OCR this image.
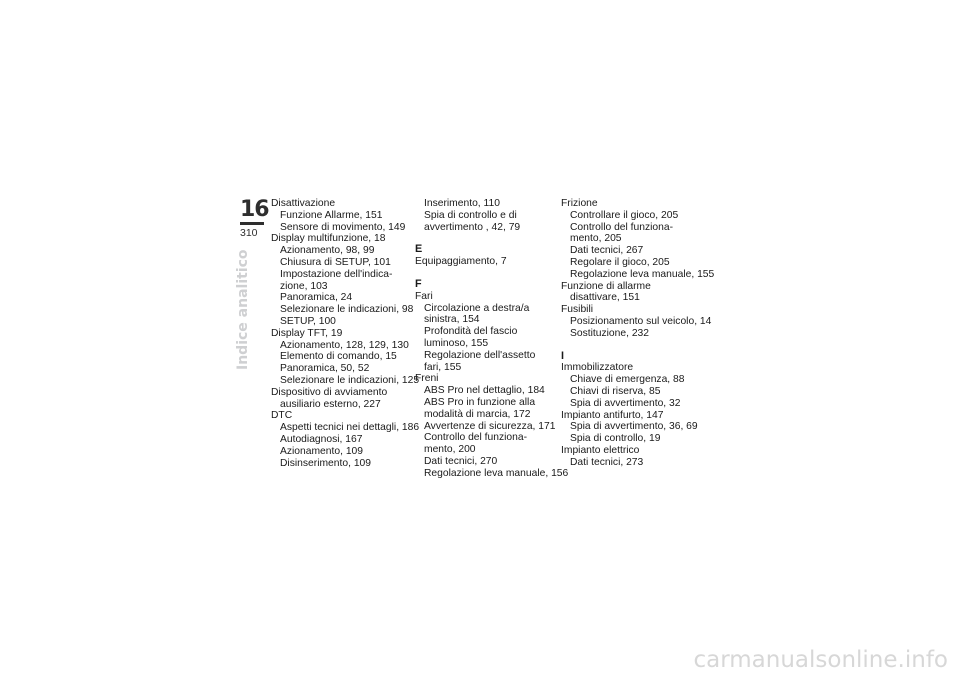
16
310
Indice analitico
Disattivazione
Funzione Allarme, 151
Sensore di movimento, 149
Display multifunzione, 18
Azionamento, 98, 99
Chiusura di SETUP, 101
Impostazione dell'indica-
zione, 103
Panoramica, 24
Selezionare le indicazioni, 98
SETUP, 100
Display TFT, 19
Azionamento, 128, 129, 130
Elemento di comando, 15
Panoramica, 50, 52
Selezionare le indicazioni, 125
Dispositivo di avviamento
ausiliario esterno, 227
DTC
Aspetti tecnici nei dettagli, 186
Autodiagnosi, 167
Azionamento, 109
Disinserimento, 109
Inserimento, 110
Spia di controllo e di
avvertimento , 42, 79
E
Equipaggiamento, 7
F
Fari
Circolazione a destra/a
sinistra, 154
Profondità del fascio
luminoso, 155
Regolazione dell'assetto
fari, 155
Freni
ABS Pro nel dettaglio, 184
ABS Pro in funzione alla
modalità di marcia, 172
Avvertenze di sicurezza, 171
Controllo del funziona-
mento, 200
Dati tecnici, 270
Regolazione leva manuale, 156
Frizione
Controllare il gioco, 205
Controllo del funziona-
mento, 205
Dati tecnici, 267
Regolare il gioco, 205
Regolazione leva manuale, 155
Funzione di allarme
disattivare, 151
Fusibili
Posizionamento sul veicolo, 14
Sostituzione, 232
I
Immobilizzatore
Chiave di emergenza, 88
Chiavi di riserva, 85
Spia di avvertimento, 32
Impianto antifurto, 147
Spia di avvertimento, 36, 69
Spia di controllo, 19
Impianto elettrico
Dati tecnici, 273
carmanualsonline.info
